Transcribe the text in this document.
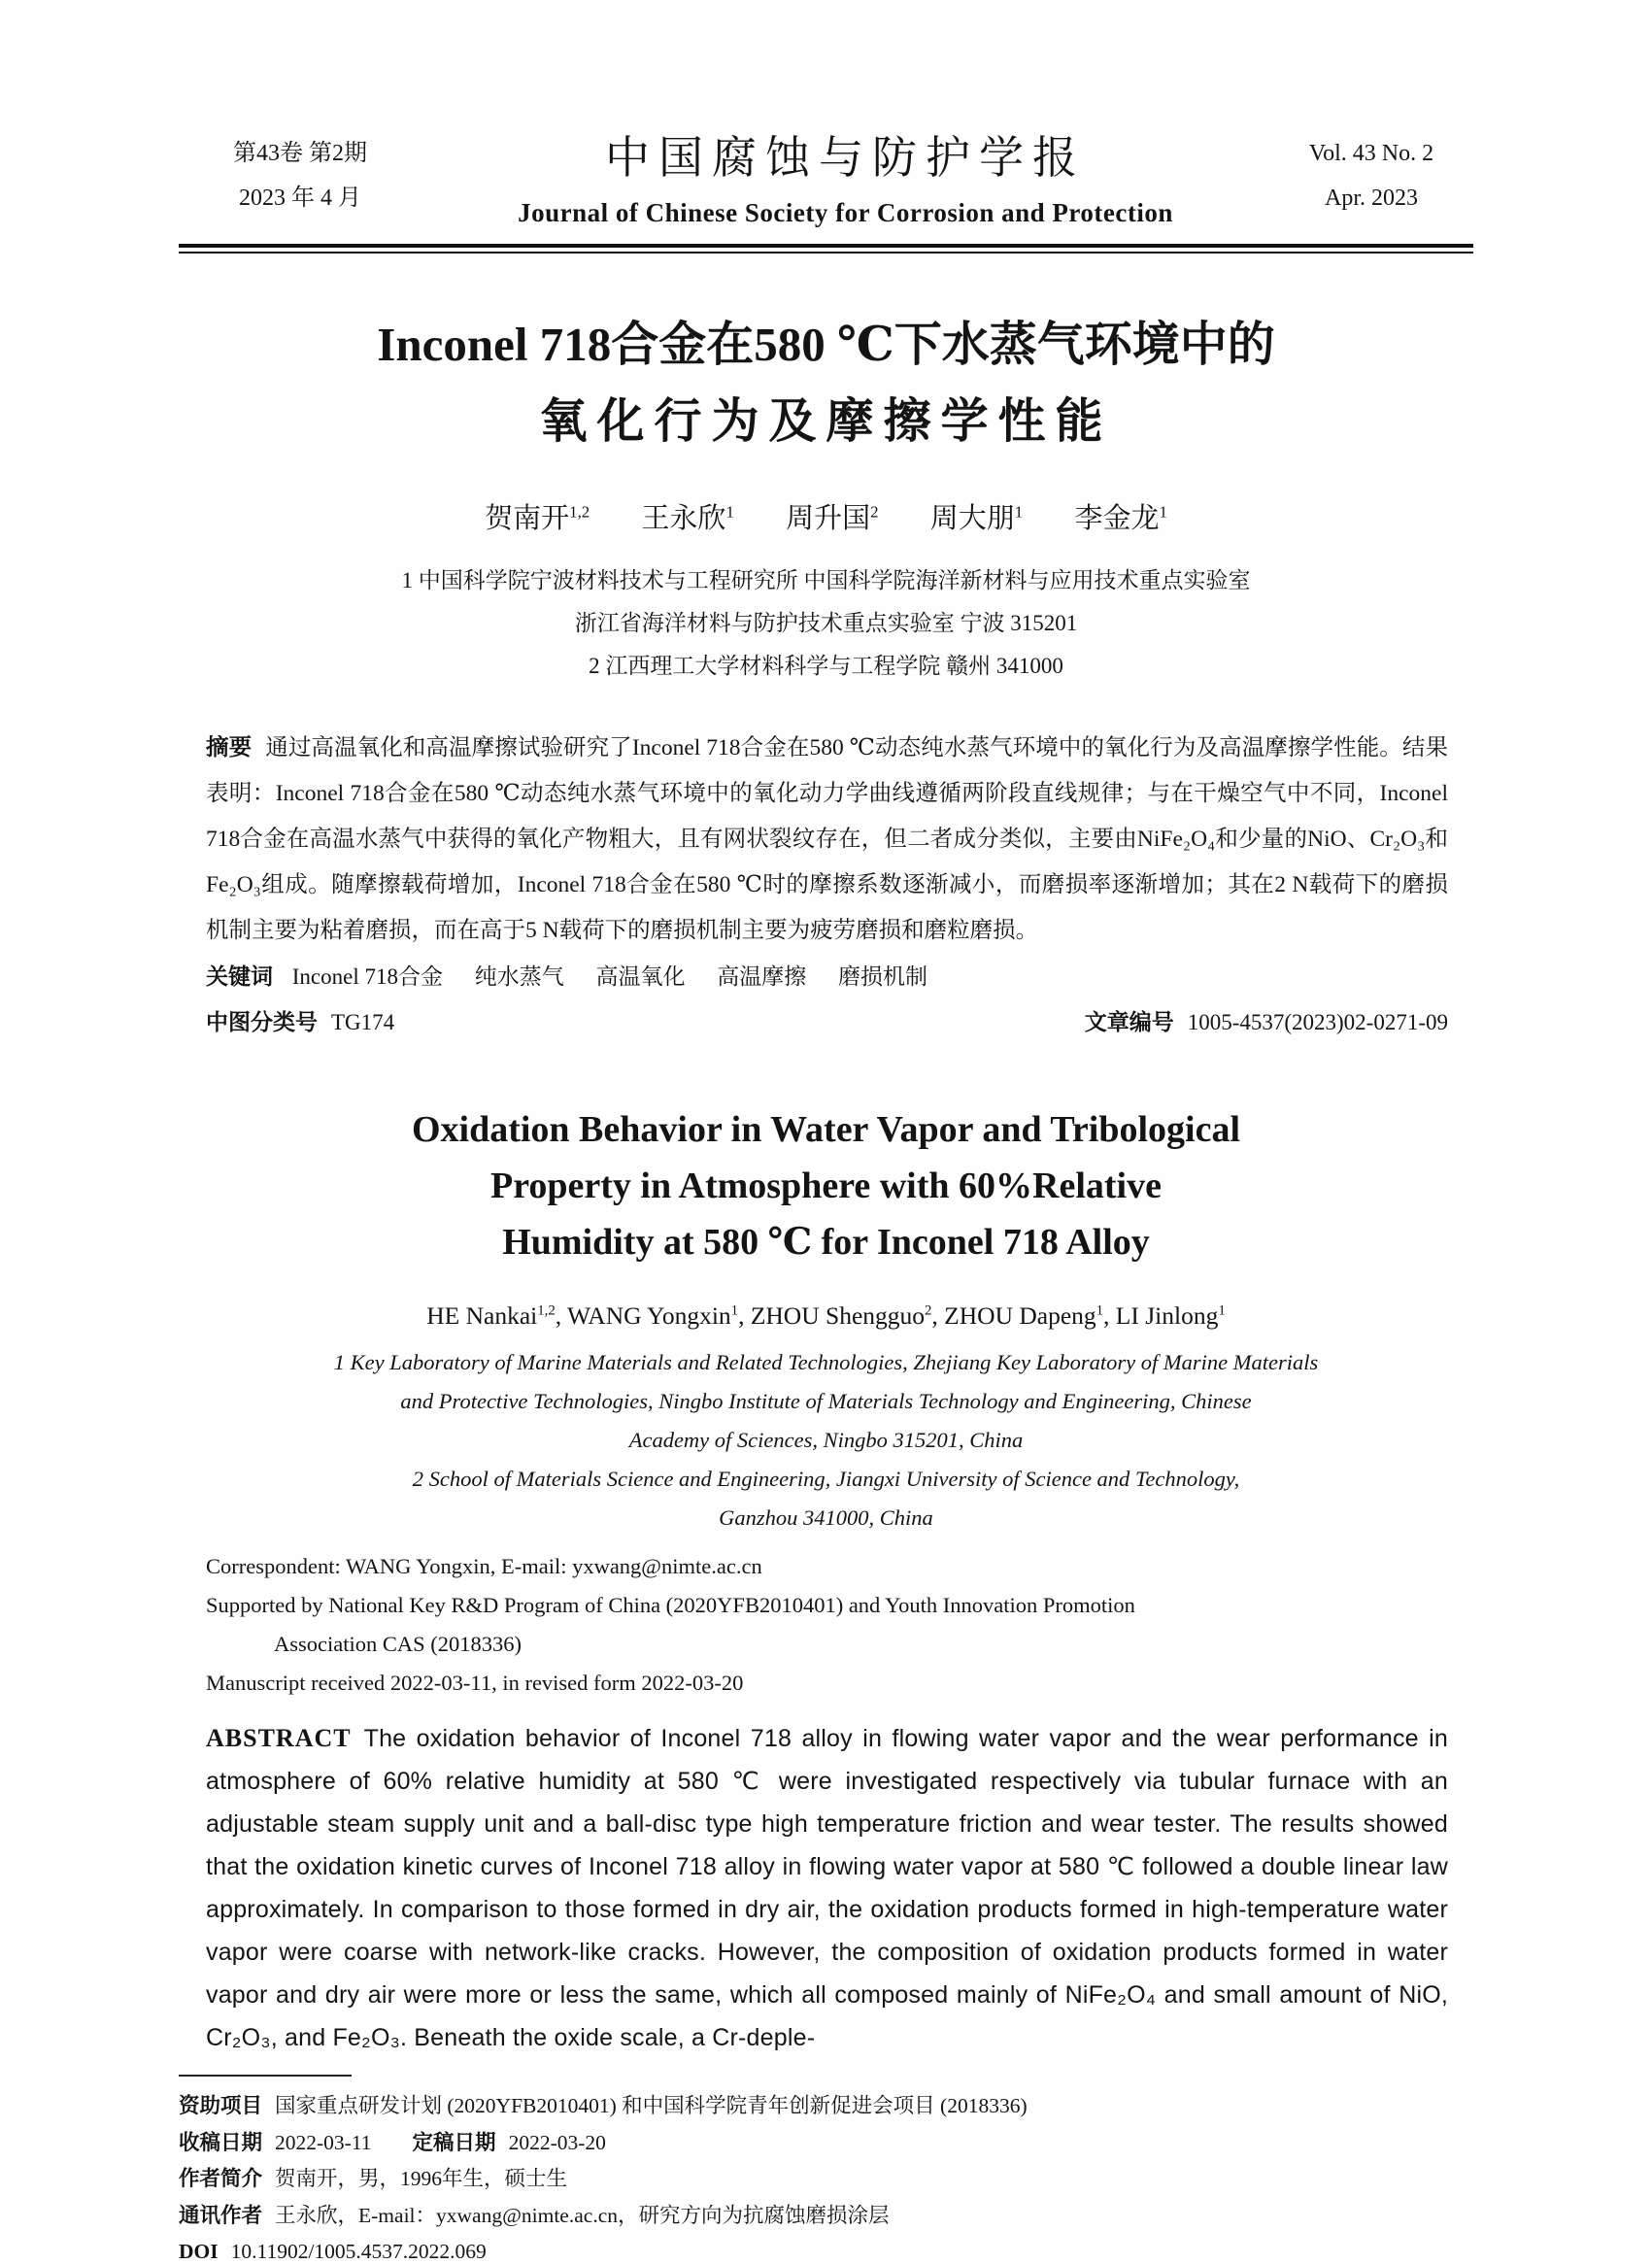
第43卷 第2期
2023 年 4 月
中国腐蚀与防护学报
Journal of Chinese Society for Corrosion and Protection
Vol. 43 No. 2
Apr. 2023
Inconel 718合金在580 ℃下水蒸气环境中的
氧化行为及摩擦学性能
贺南开$^{1,2}$ 王永欣$^1$ 周升国$^2$ 周大朋$^1$ 李金龙$^1$
1 中国科学院宁波材料技术与工程研究所 中国科学院海洋新材料与应用技术重点实验室
浙江省海洋材料与防护技术重点实验室 宁波 315201
2 江西理工大学材料科学与工程学院 赣州 341000
摘要 通过高温氧化和高温摩擦试验研究了Inconel 718合金在580 ℃动态纯水蒸气环境中的氧化行为及高温摩擦学性能。结果表明：Inconel 718合金在580 ℃动态纯水蒸气环境中的氧化动力学曲线遵循两阶段直线规律；与在干燥空气中不同，Inconel 718合金在高温水蒸气中获得的氧化产物粗大，且有网状裂纹存在，但二者成分类似，主要由NiFe₂O₄和少量的NiO、Cr₂O₃和Fe₂O₃组成。随摩擦载荷增加，Inconel 718合金在580 ℃时的摩擦系数逐渐减小，而磨损率逐渐增加；其在2 N载荷下的磨损机制主要为粘着磨损，而在高于5 N载荷下的磨损机制主要为疲劳磨损和磨粒磨损。
关键词 Inconel 718合金 纯水蒸气 高温氧化 高温摩擦 磨损机制
中图分类号 TG174	文章编号 1005-4537(2023)02-0271-09
Oxidation Behavior in Water Vapor and Tribological
Property in Atmosphere with 60%Relative
Humidity at 580 ℃ for Inconel 718 Alloy
HE Nankai$^{1,2}$, WANG Yongxin$^1$, ZHOU Shengguo$^2$, ZHOU Dapeng$^1$, LI Jinlong$^1$
1 Key Laboratory of Marine Materials and Related Technologies, Zhejiang Key Laboratory of Marine Materials
and Protective Technologies, Ningbo Institute of Materials Technology and Engineering, Chinese
Academy of Sciences, Ningbo 315201, China
2 School of Materials Science and Engineering, Jiangxi University of Science and Technology,
Ganzhou 341000, China
Correspondent: WANG Yongxin, E-mail: yxwang@nimte.ac.cn
Supported by National Key R&D Program of China (2020YFB2010401) and Youth Innovation Promotion
Association CAS (2018336)
Manuscript received 2022-03-11, in revised form 2022-03-20
ABSTRACT The oxidation behavior of Inconel 718 alloy in flowing water vapor and the wear performance in atmosphere of 60% relative humidity at 580 ℃ were investigated respectively via tubular furnace with an adjustable steam supply unit and a ball-disc type high temperature friction and wear tester. The results showed that the oxidation kinetic curves of Inconel 718 alloy in flowing water vapor at 580 ℃ followed a double linear law approximately. In comparison to those formed in dry air, the oxidation products formed in high-temperature water vapor were coarse with network-like cracks. However, the composition of oxidation products formed in water vapor and dry air were more or less the same, which all composed mainly of NiFe₂O₄ and small amount of NiO, Cr₂O₃, and Fe₂O₃. Beneath the oxide scale, a Cr-deple-
资助项目 国家重点研发计划 (2020YFB2010401) 和中国科学院青年创新促进会项目 (2018336)
收稿日期 2022-03-11 定稿日期 2022-03-20
作者简介 贺南开，男，1996年生，硕士生
通讯作者 王永欣，E-mail：yxwang@nimte.ac.cn，研究方向为抗腐蚀磨损涂层
DOI 10.11902/1005.4537.2022.069
